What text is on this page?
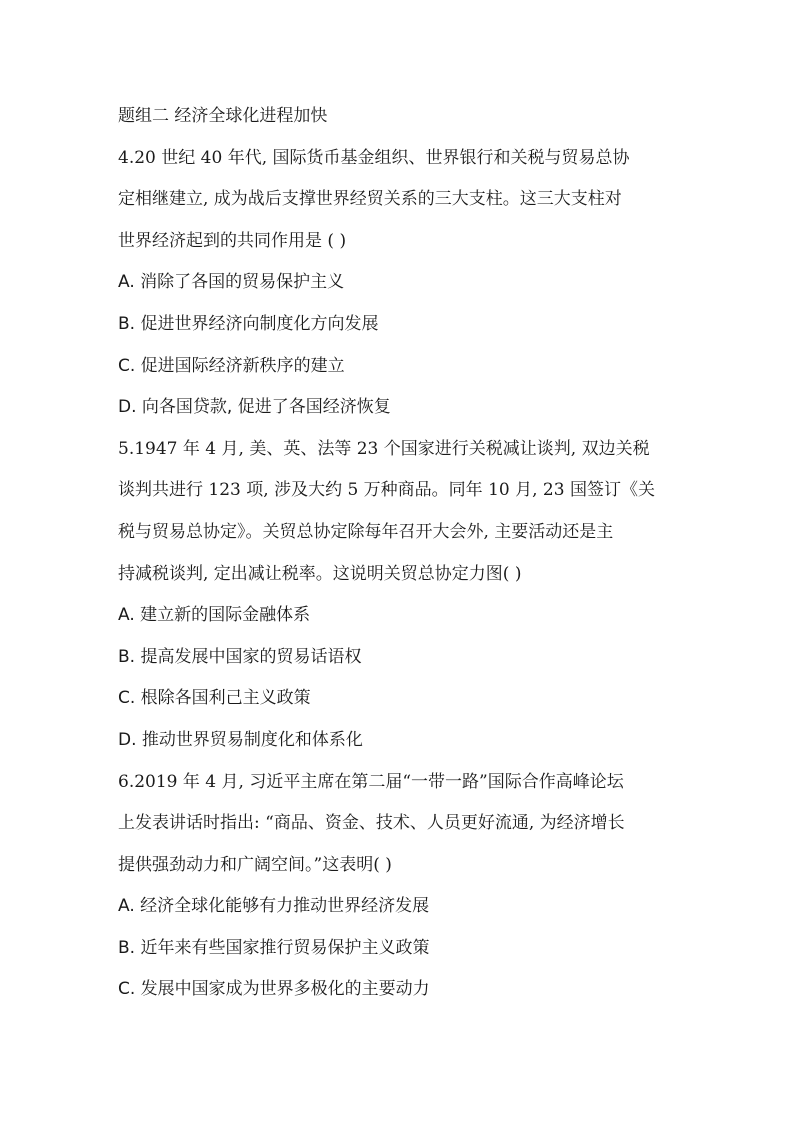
题组二 经济全球化进程加快
4.20 世纪 40 年代, 国际货币基金组织、世界银行和关税与贸易总协
定相继建立, 成为战后支撑世界经贸关系的三大支柱。这三大支柱对
世界经济起到的共同作用是 ( )
A. 消除了各国的贸易保护主义
B. 促进世界经济向制度化方向发展
C. 促进国际经济新秩序的建立
D. 向各国贷款, 促进了各国经济恢复
5.1947 年 4 月, 美、英、法等 23 个国家进行关税减让谈判, 双边关税
谈判共进行 123 项, 涉及大约 5 万种商品。同年 10 月, 23 国签订《关
税与贸易总协定》。关贸总协定除每年召开大会外, 主要活动还是主
持减税谈判, 定出减让税率。这说明关贸总协定力图( )
A. 建立新的国际金融体系
B. 提高发展中国家的贸易话语权
C. 根除各国利己主义政策
D. 推动世界贸易制度化和体系化
6.2019 年 4 月, 习近平主席在第二届“一带一路”国际合作高峰论坛
上发表讲话时指出: “商品、资金、技术、人员更好流通, 为经济增长
提供强劲动力和广阔空间。”这表明( )
A. 经济全球化能够有力推动世界经济发展
B. 近年来有些国家推行贸易保护主义政策
C. 发展中国家成为世界多极化的主要动力
